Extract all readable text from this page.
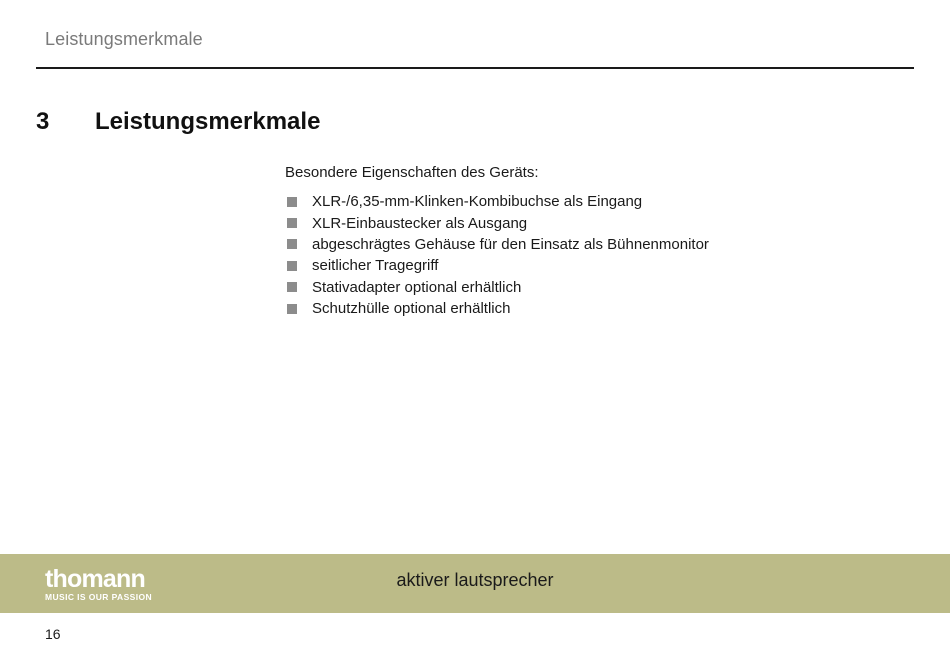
Leistungsmerkmale
3 Leistungsmerkmale
Besondere Eigenschaften des Geräts:
XLR-/6,35-mm-Klinken-Kombibuchse als Eingang
XLR-Einbaustecker als Ausgang
abgeschrägtes Gehäuse für den Einsatz als Bühnenmonitor
seitlicher Tragegriff
Stativadapter optional erhältlich
Schutzhülle optional erhältlich
thomann
MUSIC IS OUR PASSION
aktiver lautsprecher
16
